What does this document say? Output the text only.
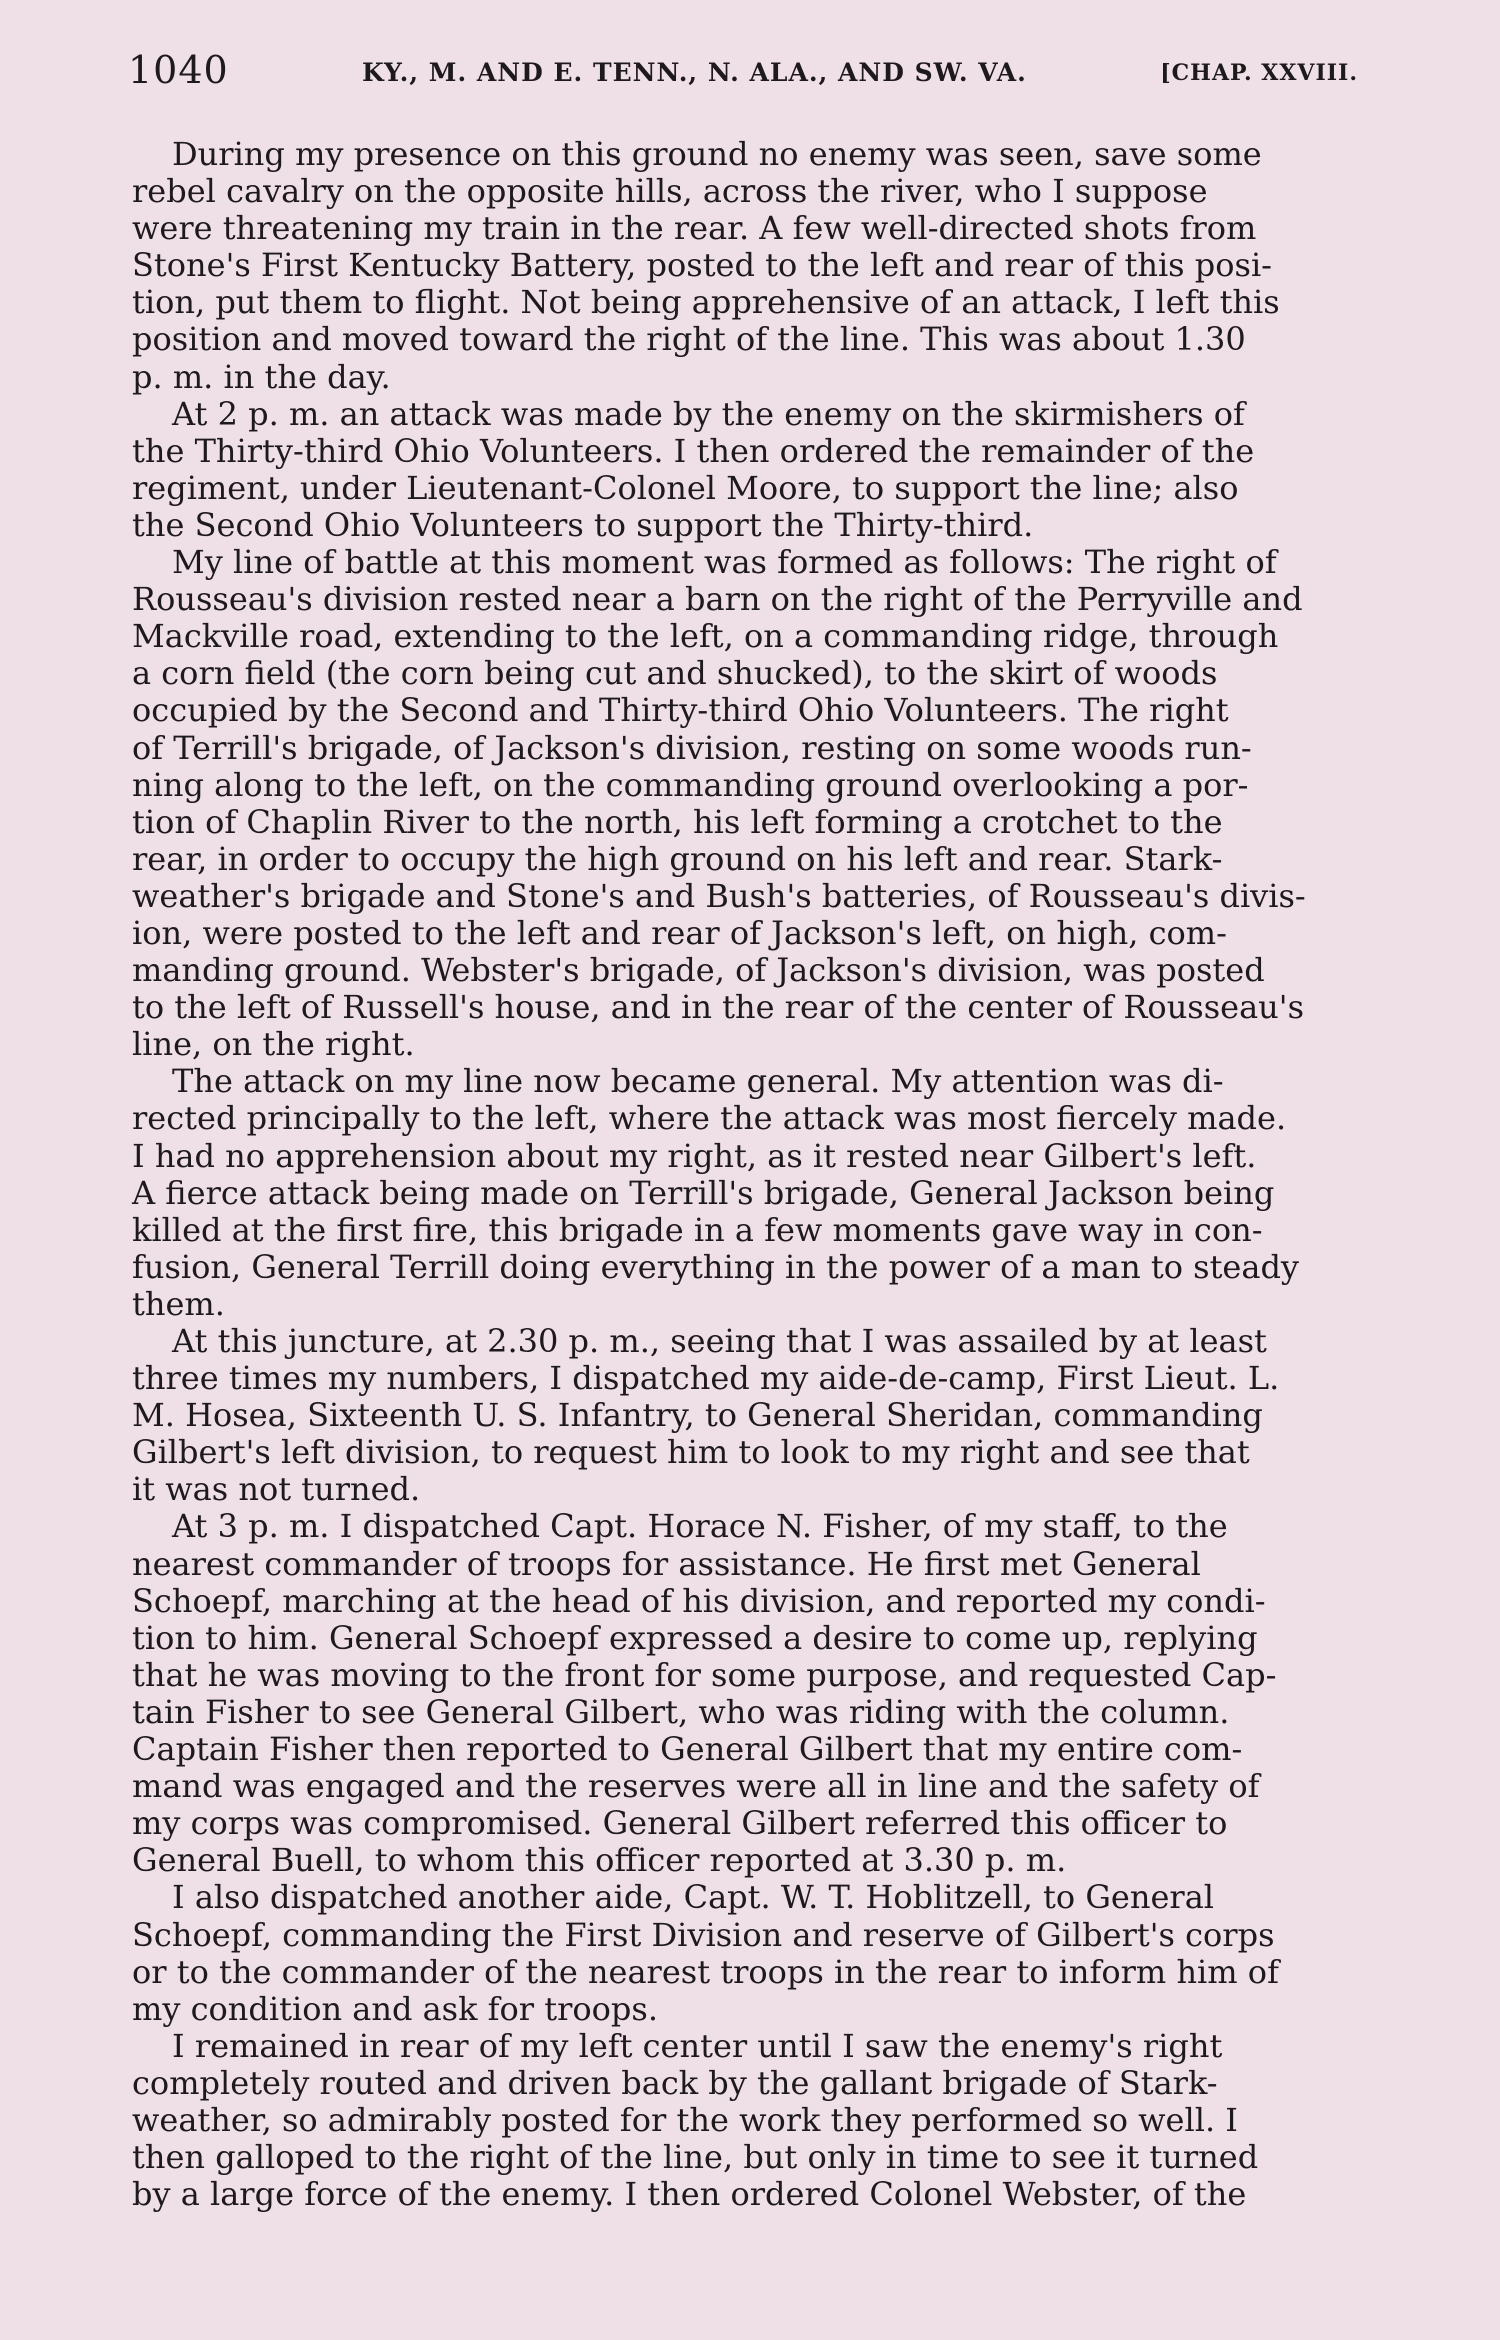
1040	KY., M. AND E. TENN., N. ALA., AND SW. VA.	[CHAP. XXVIII.
During my presence on this ground no enemy was seen, save some
rebel cavalry on the opposite hills, across the river, who I suppose
were threatening my train in the rear. A few well-directed shots from
Stone's First Kentucky Battery, posted to the left and rear of this posi-
tion, put them to flight. Not being apprehensive of an attack, I left this
position and moved toward the right of the line. This was about 1.30
p. m. in the day.
At 2 p. m. an attack was made by the enemy on the skirmishers of
the Thirty-third Ohio Volunteers. I then ordered the remainder of the
regiment, under Lieutenant-Colonel Moore, to support the line; also
the Second Ohio Volunteers to support the Thirty-third.
My line of battle at this moment was formed as follows: The right of
Rousseau's division rested near a barn on the right of the Perryville and
Mackville road, extending to the left, on a commanding ridge, through
a corn field (the corn being cut and shucked), to the skirt of woods
occupied by the Second and Thirty-third Ohio Volunteers. The right
of Terrill's brigade, of Jackson's division, resting on some woods run-
ning along to the left, on the commanding ground overlooking a por-
tion of Chaplin River to the north, his left forming a crotchet to the
rear, in order to occupy the high ground on his left and rear. Stark-
weather's brigade and Stone's and Bush's batteries, of Rousseau's divis-
ion, were posted to the left and rear of Jackson's left, on high, com-
manding ground. Webster's brigade, of Jackson's division, was posted
to the left of Russell's house, and in the rear of the center of Rousseau's
line, on the right.
The attack on my line now became general. My attention was di-
rected principally to the left, where the attack was most fiercely made.
I had no apprehension about my right, as it rested near Gilbert's left.
A fierce attack being made on Terrill's brigade, General Jackson being
killed at the first fire, this brigade in a few moments gave way in con-
fusion, General Terrill doing everything in the power of a man to steady
them.
At this juncture, at 2.30 p. m., seeing that I was assailed by at least
three times my numbers, I dispatched my aide-de-camp, First Lieut. L.
M. Hosea, Sixteenth U. S. Infantry, to General Sheridan, commanding
Gilbert's left division, to request him to look to my right and see that
it was not turned.
At 3 p. m. I dispatched Capt. Horace N. Fisher, of my staff, to the
nearest commander of troops for assistance. He first met General
Schoepf, marching at the head of his division, and reported my condi-
tion to him. General Schoepf expressed a desire to come up, replying
that he was moving to the front for some purpose, and requested Cap-
tain Fisher to see General Gilbert, who was riding with the column.
Captain Fisher then reported to General Gilbert that my entire com-
mand was engaged and the reserves were all in line and the safety of
my corps was compromised. General Gilbert referred this officer to
General Buell, to whom this officer reported at 3.30 p. m.
I also dispatched another aide, Capt. W. T. Hoblitzell, to General
Schoepf, commanding the First Division and reserve of Gilbert's corps
or to the commander of the nearest troops in the rear to inform him of
my condition and ask for troops.
I remained in rear of my left center until I saw the enemy's right
completely routed and driven back by the gallant brigade of Stark-
weather, so admirably posted for the work they performed so well. I
then galloped to the right of the line, but only in time to see it turned
by a large force of the enemy. I then ordered Colonel Webster, of the
